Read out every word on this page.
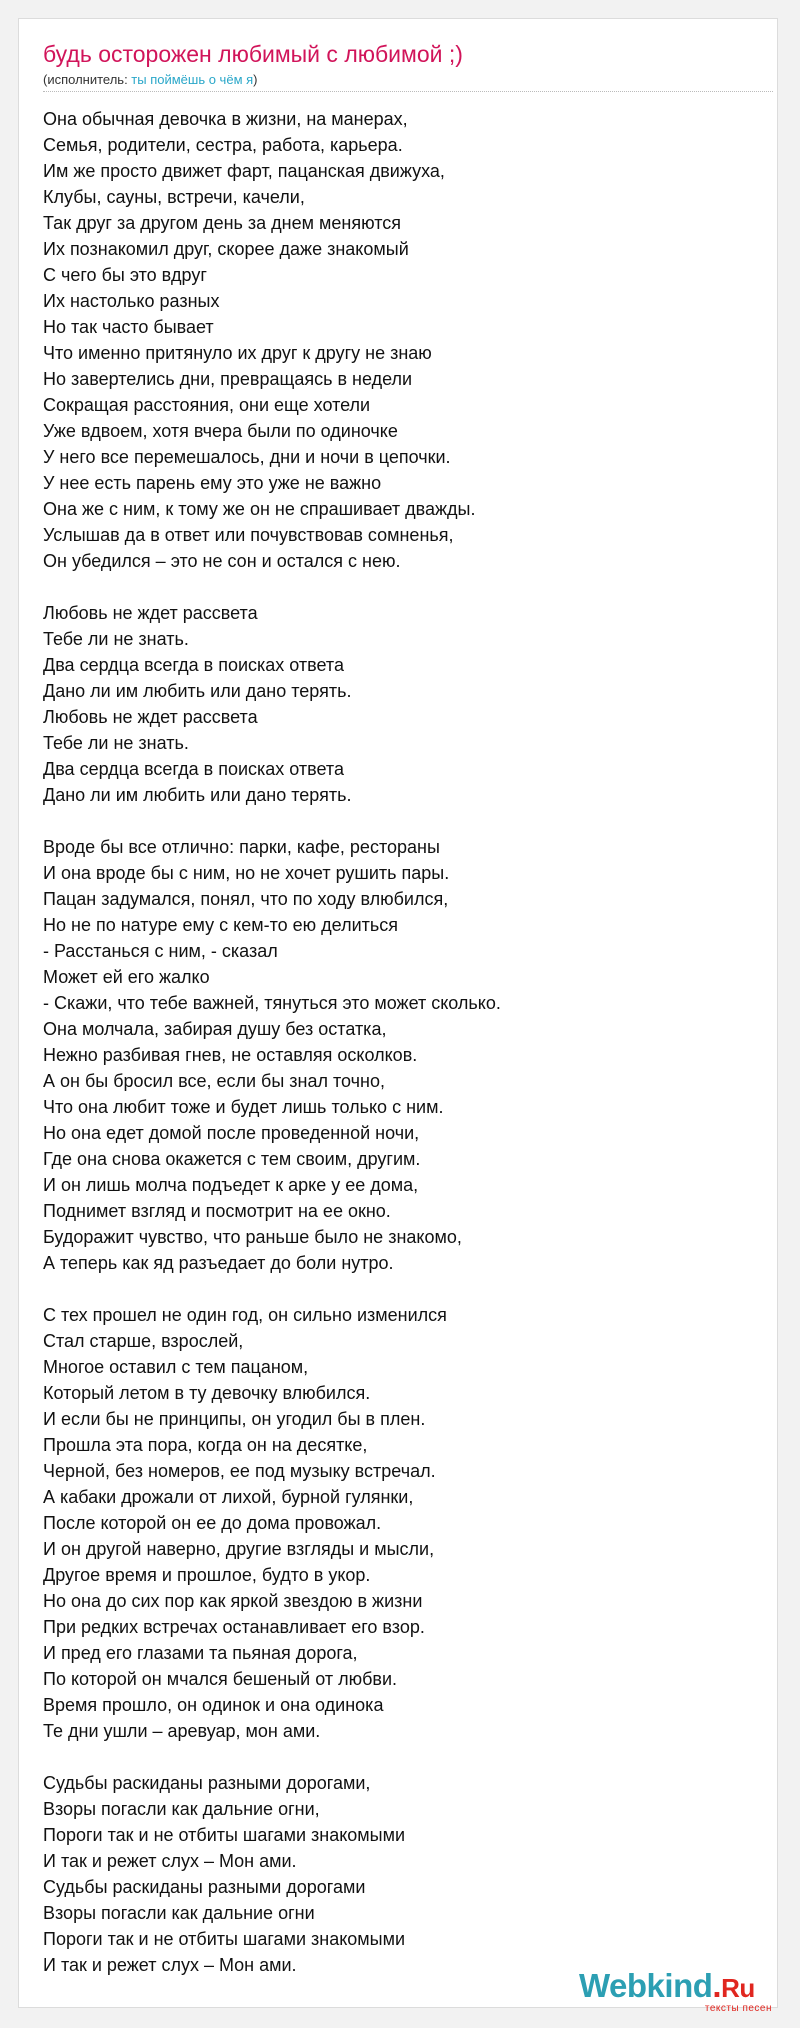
будь осторожен любимый с любимой ;)
(исполнитель: ты поймёшь о чём я)
Она обычная девочка в жизни, на манерах,
Семья, родители, сестра, работа, карьера.
Им же просто движет фарт, пацанская движуха,
Клубы, сауны, встречи, качели,
Так друг за другом день за днем меняются
Их познакомил друг, скорее даже знакомый
С чего бы это вдруг
Их настолько разных
Но так часто бывает
Что именно притянуло их друг к другу не знаю
Но завертелись дни, превращаясь в недели
Сокращая расстояния, они еще хотели
Уже вдвоем, хотя вчера были по одиночке
У него все перемешалось, дни и ночи в цепочки.
У нее есть парень ему это уже не важно
Она же с ним, к тому же он не спрашивает дважды.
Услышав да в ответ или почувствовав сомненья,
Он убедился – это не сон и остался с нею.

Любовь не ждет рассвета
Тебе ли не знать.
Два сердца всегда в поисках ответа
Дано ли им любить или дано терять.
Любовь не ждет рассвета
Тебе ли не знать.
Два сердца всегда в поисках ответа
Дано ли им любить или дано терять.

Вроде бы все отлично: парки, кафе, рестораны
И она вроде бы с ним, но не хочет рушить пары.
Пацан задумался, понял, что по ходу влюбился,
Но не по натуре ему с кем-то ею делиться
- Расстанься с ним, - сказал
Может ей его жалко
- Скажи, что тебе важней, тянуться это может сколько.
Она молчала, забирая душу без остатка,
Нежно разбивая гнев, не оставляя осколков.
А он бы бросил все, если бы знал точно,
Что она любит тоже и будет лишь только с ним.
Но она едет домой после проведенной ночи,
Где она снова окажется с тем своим, другим.
И он лишь молча подъедет к арке у ее дома,
Поднимет взгляд и посмотрит на ее окно.
Будоражит чувство, что раньше было не знакомо,
А теперь как яд разъедает до боли нутро.

С тех прошел не один год, он сильно изменился
Стал старше, взрослей,
Многое оставил с тем пацаном,
Который летом в ту девочку влюбился.
И если бы не принципы, он угодил бы в плен.
Прошла эта пора, когда он на десятке,
Черной, без номеров, ее под музыку встречал.
А кабаки дрожали от лихой, бурной гулянки,
После которой он ее до дома провожал.
И он другой наверно, другие взгляды и мысли,
Другое время и прошлое, будто в укор.
Но она до сих пор как яркой звездою в жизни
При редких встречах останавливает его взор.
И пред его глазами та пьяная дорога,
По которой он мчался бешеный от любви.
Время прошло, он одинок и она одинока
Те дни ушли – аревуар, мон ами.

Судьбы раскиданы разными дорогами,
Взоры погасли как дальние огни,
Пороги так и не отбиты шагами знакомыми
И так и режет слух – Мон ами.
Судьбы раскиданы разными дорогами
Взоры погасли как дальние огни
Пороги так и не отбиты шагами знакомыми
И так и режет слух – Мон ами.
Webkind.Ru
тексты песен
